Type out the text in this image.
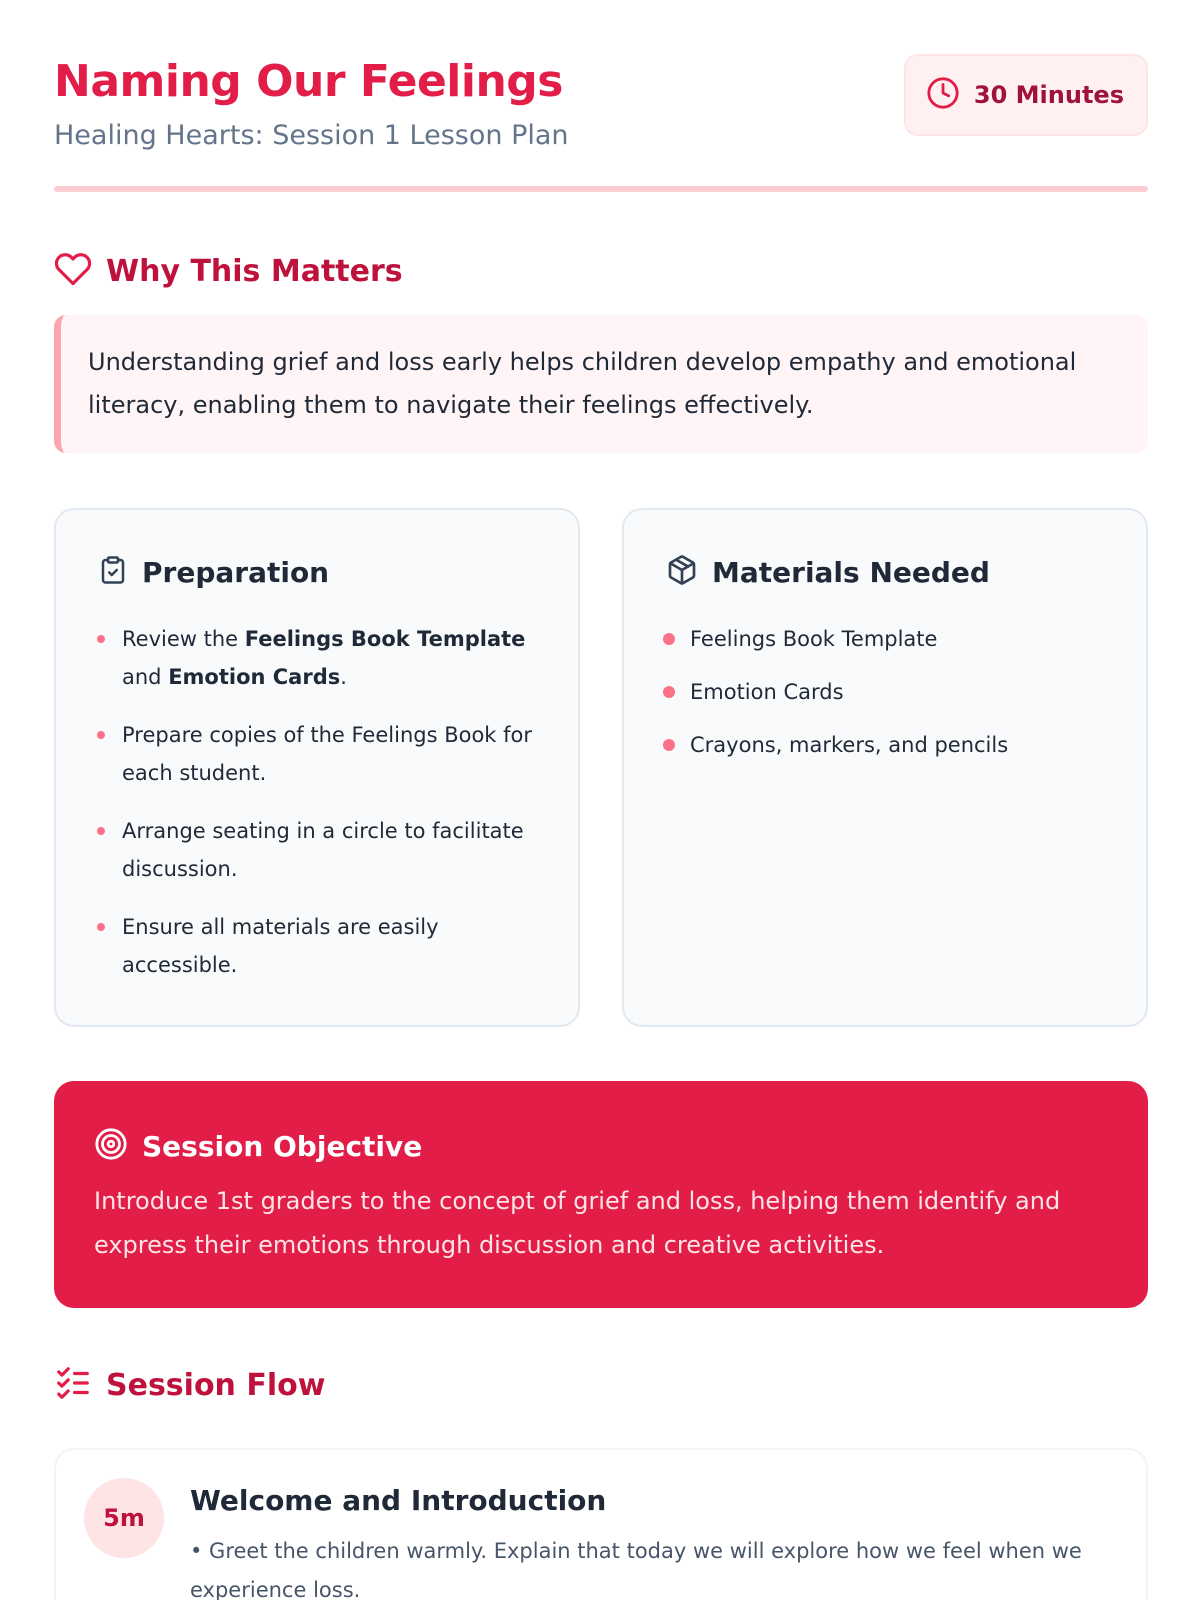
Naming Our Feelings
Healing Hearts: Session 1 Lesson Plan
30 Minutes
Why This Matters

Understanding grief and loss early helps children develop empathy and emotional literacy, enabling them to navigate their feelings effectively.

Preparation
Review the Feelings Book Template and Emotion Cards.
Prepare copies of the Feelings Book for each student.
Arrange seating in a circle to facilitate discussion.
Ensure all materials are easily accessible.
Materials Needed
Feelings Book Template
Emotion Cards
Crayons, markers, and pencils
Session Objective

Introduce 1st graders to the concept of grief and loss, helping them identify and express their emotions through discussion and creative activities.

Session Flow
5m
Welcome and Introduction

• Greet the children warmly. Explain that today we will explore how we feel when we experience loss.
